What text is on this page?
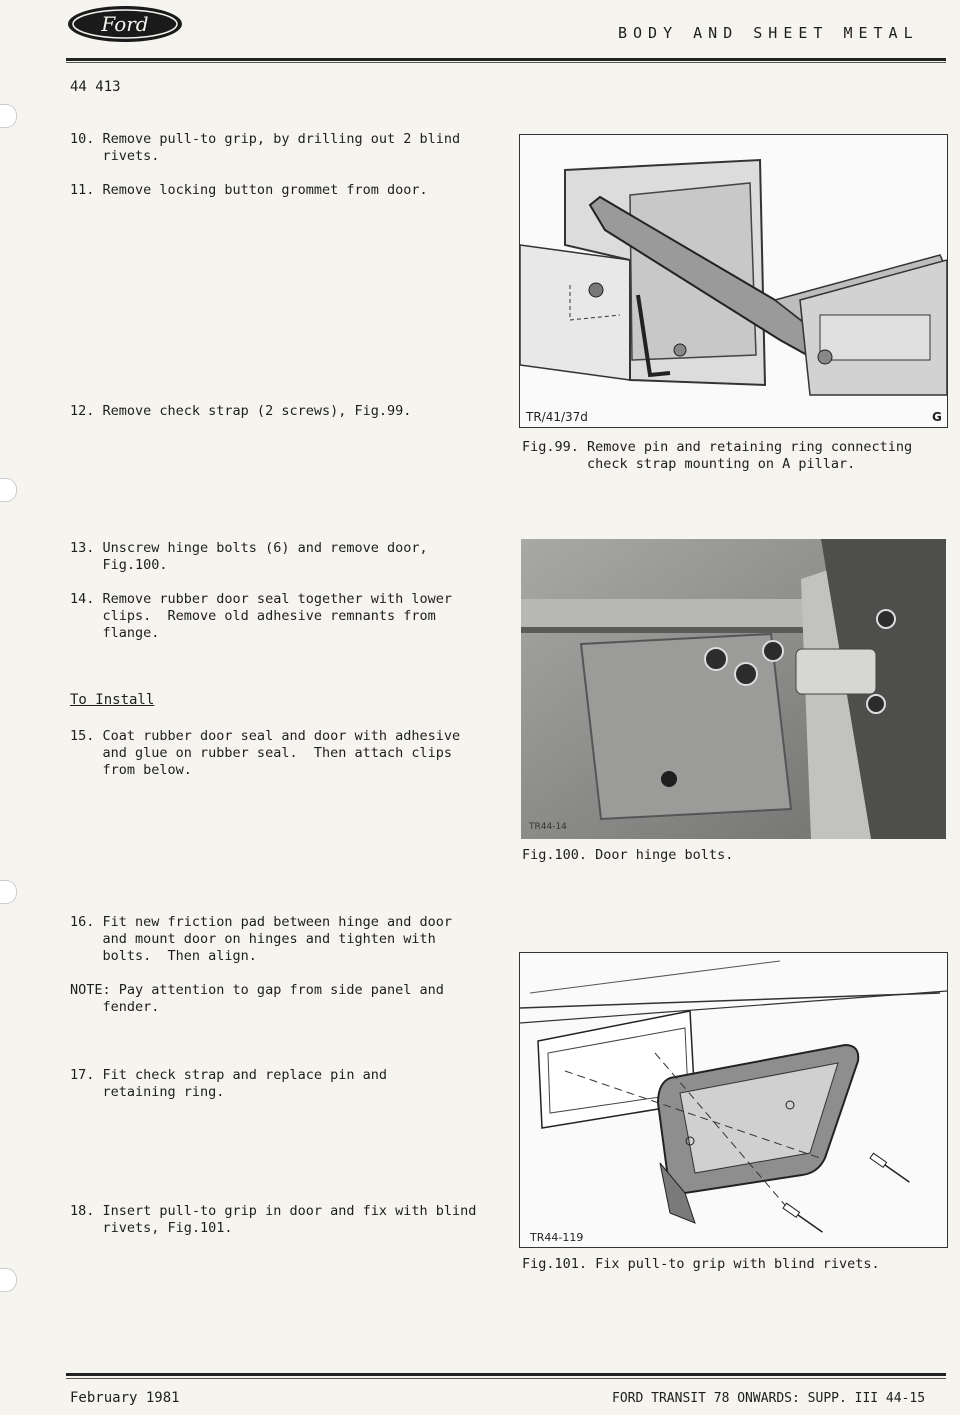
Ford	BODY AND SHEET METAL
44 413
10. Remove pull-to grip, by drilling out 2 blind
rivets.
11. Remove locking button grommet from door.
12. Remove check strap (2 screws), Fig.99.
13. Unscrew hinge bolts (6) and remove door,
Fig.100.
14. Remove rubber door seal together with lower
clips.  Remove old adhesive remnants from
flange.
To Install
15. Coat rubber door seal and door with adhesive
and glue on rubber seal.  Then attach clips
from below.
16. Fit new friction pad between hinge and door
and mount door on hinges and tighten with
bolts.  Then align.
NOTE: Pay attention to gap from side panel and
fender.
17. Fit check strap and replace pin and
retaining ring.
18. Insert pull-to grip in door and fix with blind
rivets, Fig.101.
TR/41/37d	G
Fig.99. Remove pin and retaining ring connecting
check strap mounting on A pillar.
TR44-14
Fig.100. Door hinge bolts.
TR44-119
Fig.101. Fix pull-to grip with blind rivets.
February 1981	FORD TRANSIT 78 ONWARDS: SUPP. III 44-15
